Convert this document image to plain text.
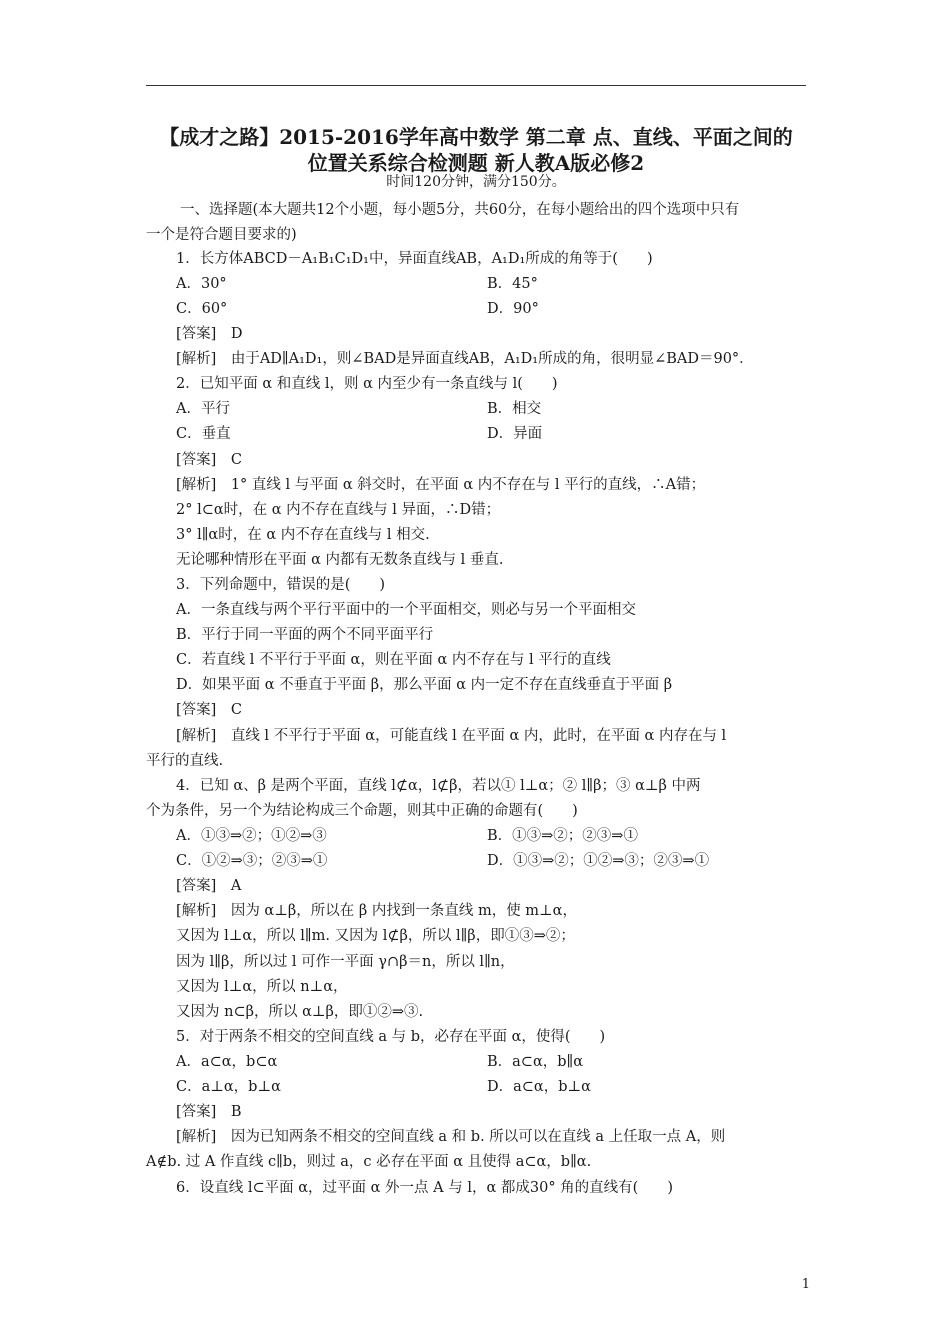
【成才之路】2015-2016学年高中数学 第二章 点、直线、平面之间的
位置关系综合检测题 新人教A版必修2
时间120分钟，满分150分。
一、选择题(本大题共12个小题，每小题5分，共60分，在每小题给出的四个选项中只有
一个是符合题目要求的)
1．长方体ABCD－A₁B₁C₁D₁中，异面直线AB，A₁D₁所成的角等于(　　)
A．30°	B．45°
C．60°	D．90°
[答案]　D
[解析]　由于AD∥A₁D₁，则∠BAD是异面直线AB，A₁D₁所成的角，很明显∠BAD＝90°．
2．已知平面 α 和直线 l，则 α 内至少有一条直线与 l(　　)
A．平行	B．相交
C．垂直	D．异面
[答案]　C
[解析]　1° 直线 l 与平面 α 斜交时，在平面 α 内不存在与 l 平行的直线，∴A错；
2° l⊂α时，在 α 内不存在直线与 l 异面，∴D错；
3° l∥α时，在 α 内不存在直线与 l 相交.
无论哪种情形在平面 α 内都有无数条直线与 l 垂直.
3．下列命题中，错误的是(　　)
A．一条直线与两个平行平面中的一个平面相交，则必与另一个平面相交
B．平行于同一平面的两个不同平面平行
C．若直线 l 不平行于平面 α，则在平面 α 内不存在与 l 平行的直线
D．如果平面 α 不垂直于平面 β，那么平面 α 内一定不存在直线垂直于平面 β
[答案]　C
[解析]　直线 l 不平行于平面 α，可能直线 l 在平面 α 内，此时，在平面 α 内存在与 l
平行的直线.
4．已知 α、β 是两个平面，直线 l⊄α，l⊄β，若以① l⊥α；② l∥β；③ α⊥β 中两
个为条件，另一个为结论构成三个命题，则其中正确的命题有(　　)
A．①③⇒②；①②⇒③	B．①③⇒②；②③⇒①
C．①②⇒③；②③⇒①	D．①③⇒②；①②⇒③；②③⇒①
[答案]　A
[解析]　因为 α⊥β，所以在 β 内找到一条直线 m，使 m⊥α，
又因为 l⊥α，所以 l∥m. 又因为 l⊄β，所以 l∥β，即①③⇒②；
因为 l∥β，所以过 l 可作一平面 γ∩β＝n，所以 l∥n，
又因为 l⊥α，所以 n⊥α，
又因为 n⊂β，所以 α⊥β，即①②⇒③.
5．对于两条不相交的空间直线 a 与 b，必存在平面 α，使得(　　)
A．a⊂α，b⊂α	B．a⊂α，b∥α
C．a⊥α，b⊥α	D．a⊂α，b⊥α
[答案]　B
[解析]　因为已知两条不相交的空间直线 a 和 b. 所以可以在直线 a 上任取一点 A，则
A∉b. 过 A 作直线 c∥b，则过 a，c 必存在平面 α 且使得 a⊂α，b∥α.
6．设直线 l⊂平面 α，过平面 α 外一点 A 与 l，α 都成30° 角的直线有(　　)
1
